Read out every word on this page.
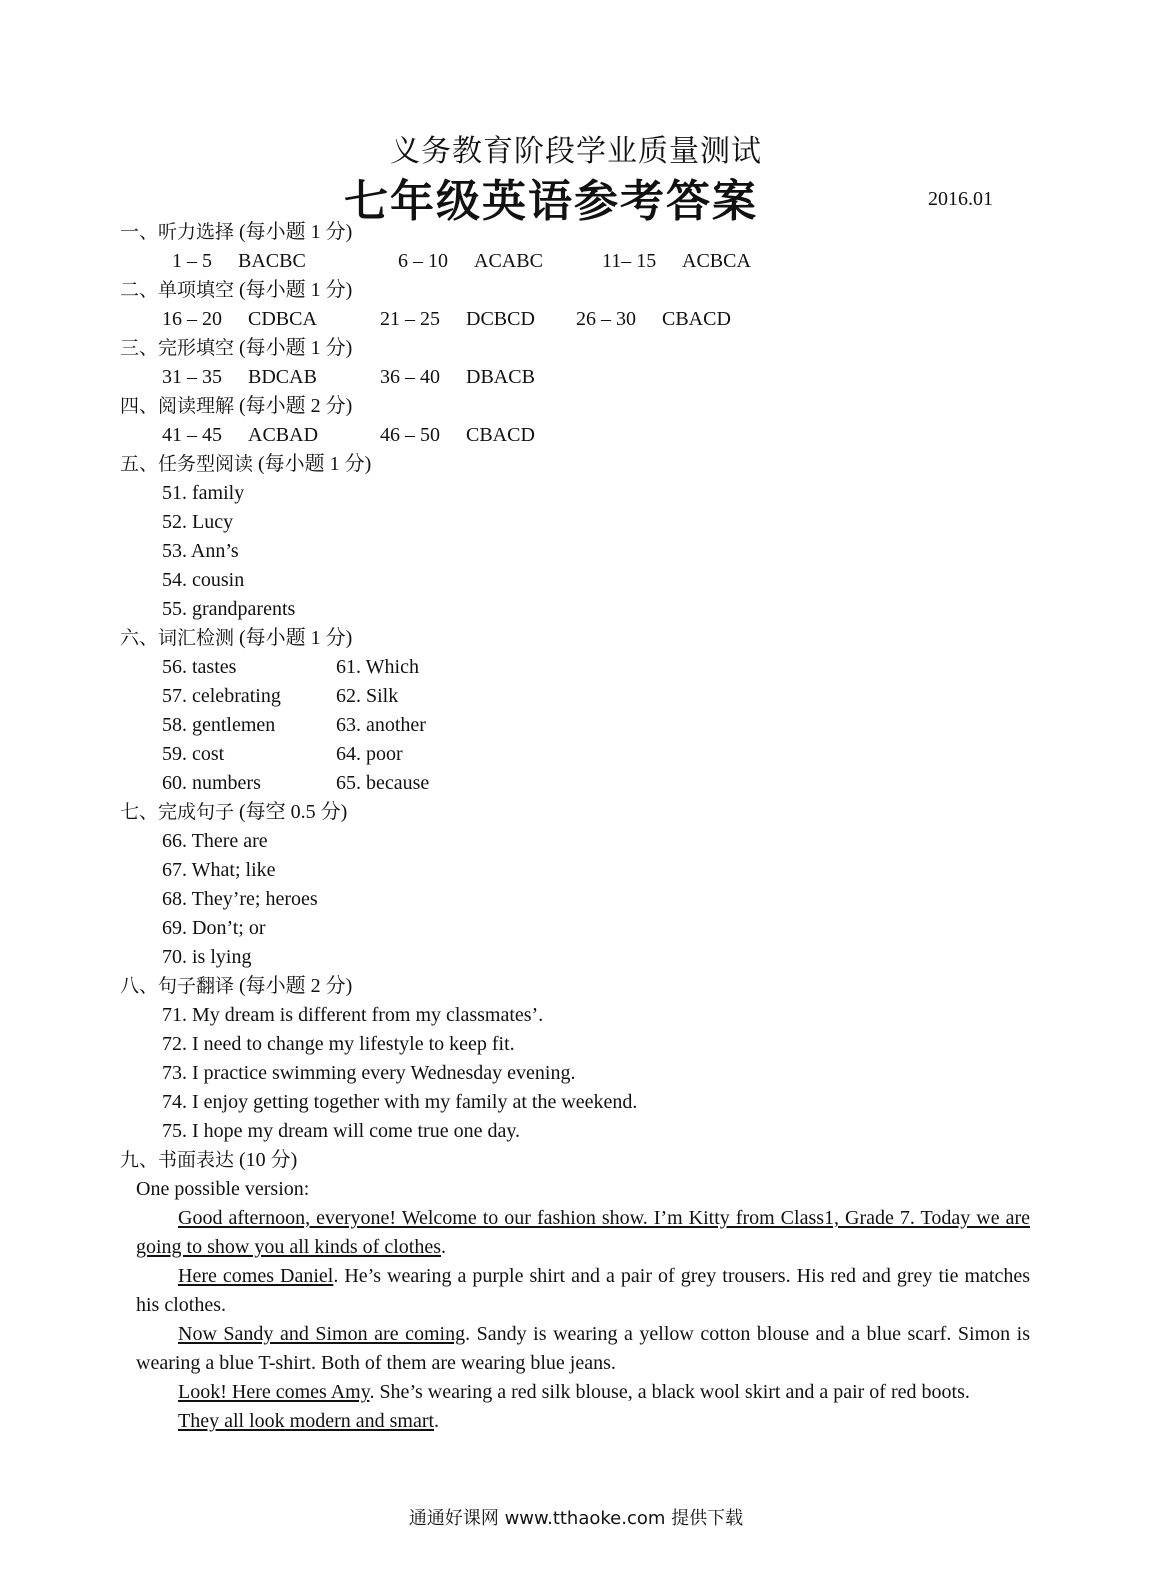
义务教育阶段学业质量测试
七年级英语参考答案	2016.01
一、听力选择 (每小题 1 分)
1 – 5 BACBC	6 – 10 ACABC	11– 15 ACBCA
二、单项填空 (每小题 1 分)
16 – 20 CDBCA	21 – 25 DCBCD 26 – 30 CBACD
三、完形填空 (每小题 1 分)
31 – 35 BDCAB	36 – 40 DBACB
四、阅读理解 (每小题 2 分)
41 – 45 ACBAD	46 – 50 CBACD
五、任务型阅读 (每小题 1 分)
51. family
52. Lucy
53. Ann’s
54. cousin
55. grandparents
六、词汇检测 (每小题 1 分)
56. tastes	61. Which
57. celebrating	62. Silk
58. gentlemen	63. another
59. cost	64. poor
60. numbers	65. because
七、完成句子 (每空 0.5 分)
66. There are
67. What; like
68. They’re; heroes
69. Don’t; or
70. is lying
八、句子翻译 (每小题 2 分)
71. My dream is different from my classmates’.
72. I need to change my lifestyle to keep fit.
73. I practice swimming every Wednesday evening.
74. I enjoy getting together with my family at the weekend.
75. I hope my dream will come true one day.
九、书面表达 (10 分)

One possible version:

Good afternoon, everyone! Welcome to our fashion show. I’m Kitty from Class1, Grade 7. Today we are going to show you all kinds of clothes.

Here comes Daniel. He’s wearing a purple shirt and a pair of grey trousers. His red and grey tie matches his clothes.

Now Sandy and Simon are coming. Sandy is wearing a yellow cotton blouse and a blue scarf. Simon is wearing a blue T-shirt. Both of them are wearing blue jeans.

Look! Here comes Amy. She’s wearing a red silk blouse, a black wool skirt and a pair of red boots.

They all look modern and smart.

通通好课网 www.tthaoke.com 提供下载
